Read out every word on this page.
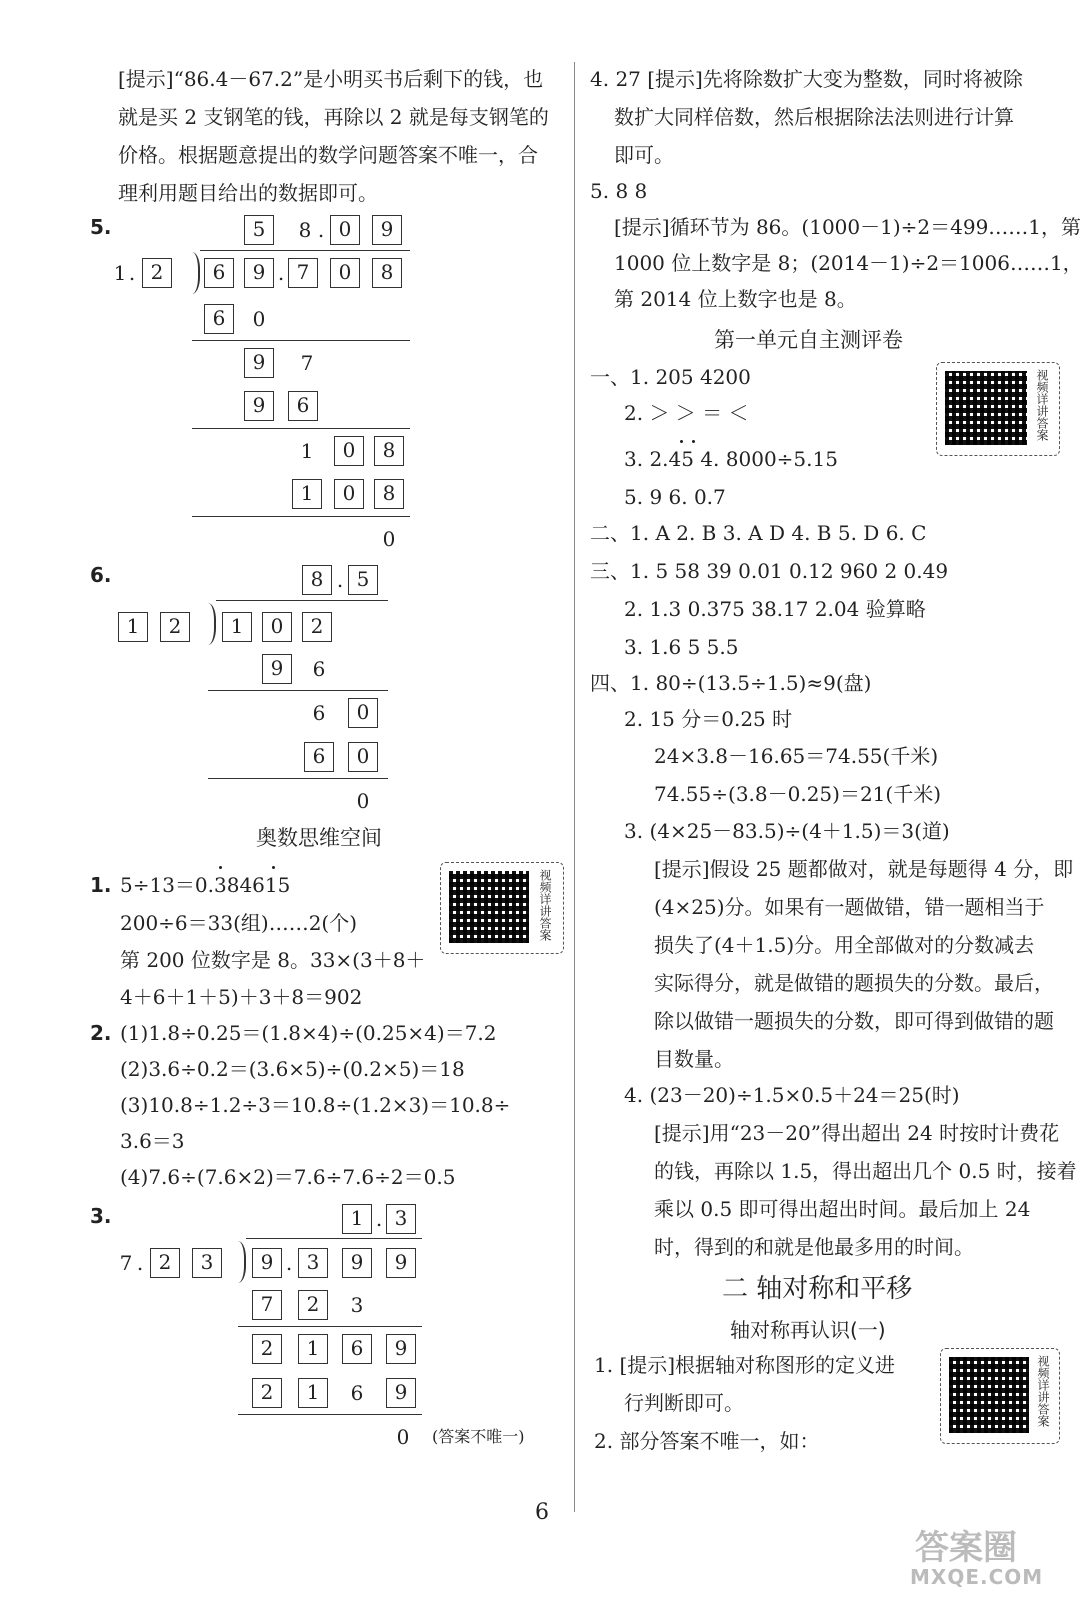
[提示]“86.4－67.2”是小明买书后剩下的钱，也
就是买 2 支钢笔的钱，再除以 2 就是每支钢笔的
价格。根据题意提出的数学问题答案不唯一，合
理利用题目给出的数据即可。
5.	5	8 . 0	9
1 . 2	6	9 . 7	0	8
6	0
9	7
9	6
1	0	8
1	0	8
0
6.	8 . 5
1	2	1	0	2
9	6
6	0
6	0
0
奥数思维空间
视频详讲答案
1. 5÷13＝0.384615
200÷6＝33(组)……2(个)
第 200 位数字是 8。33×(3＋8＋
4＋6＋1＋5)＋3＋8＝902
2. (1)1.8÷0.25＝(1.8×4)÷(0.25×4)＝7.2
(2)3.6÷0.2＝(3.6×5)÷(0.2×5)＝18
(3)10.8÷1.2÷3＝10.8÷(1.2×3)＝10.8÷
3.6＝3
(4)7.6÷(7.6×2)＝7.6÷7.6÷2＝0.5
3.	1 . 3
7 . 2	3	9 . 3	9	9
7	2	3
2	1	6	9
2	1	6	9
0	(答案不唯一)
4. 27 [提示]先将除数扩大变为整数，同时将被除
数扩大同样倍数，然后根据除法法则进行计算
即可。
5. 8 8
[提示]循环节为 86。(1000－1)÷2＝499……1，第
1000 位上数字是 8；(2014－1)÷2＝1006……1，
第 2014 位上数字也是 8。
第一单元自主测评卷
视频详讲答案
一、1. 205 4200
2. ＞ ＞ ＝ ＜
3. 2.45 4. 8000÷5.15
5. 9 6. 0.7
二、1. A 2. B 3. A D 4. B 5. D 6. C
三、1. 5 58 39 0.01 0.12 960 2 0.49
2. 1.3 0.375 38.17 2.04 验算略
3. 1.6 5 5.5
四、1. 80÷(13.5÷1.5)≈9(盘)
2. 15 分＝0.25 时
24×3.8－16.65＝74.55(千米)
74.55÷(3.8－0.25)＝21(千米)
3. (4×25－83.5)÷(4＋1.5)＝3(道)
[提示]假设 25 题都做对，就是每题得 4 分，即
(4×25)分。如果有一题做错，错一题相当于
损失了(4＋1.5)分。用全部做对的分数减去
实际得分，就是做错的题损失的分数。最后，
除以做错一题损失的分数，即可得到做错的题
目数量。
4. (23－20)÷1.5×0.5＋24＝25(时)
[提示]用“23－20”得出超出 24 时按时计费花
的钱，再除以 1.5，得出超出几个 0.5 时，接着
乘以 0.5 即可得出超出时间。最后加上 24
时，得到的和就是他最多用的时间。
二 轴对称和平移
轴对称再认识(一)
视频详讲答案
1. [提示]根据轴对称图形的定义进
行判断即可。
2. 部分答案不唯一，如：
6
答案圈
MXQE.COM
